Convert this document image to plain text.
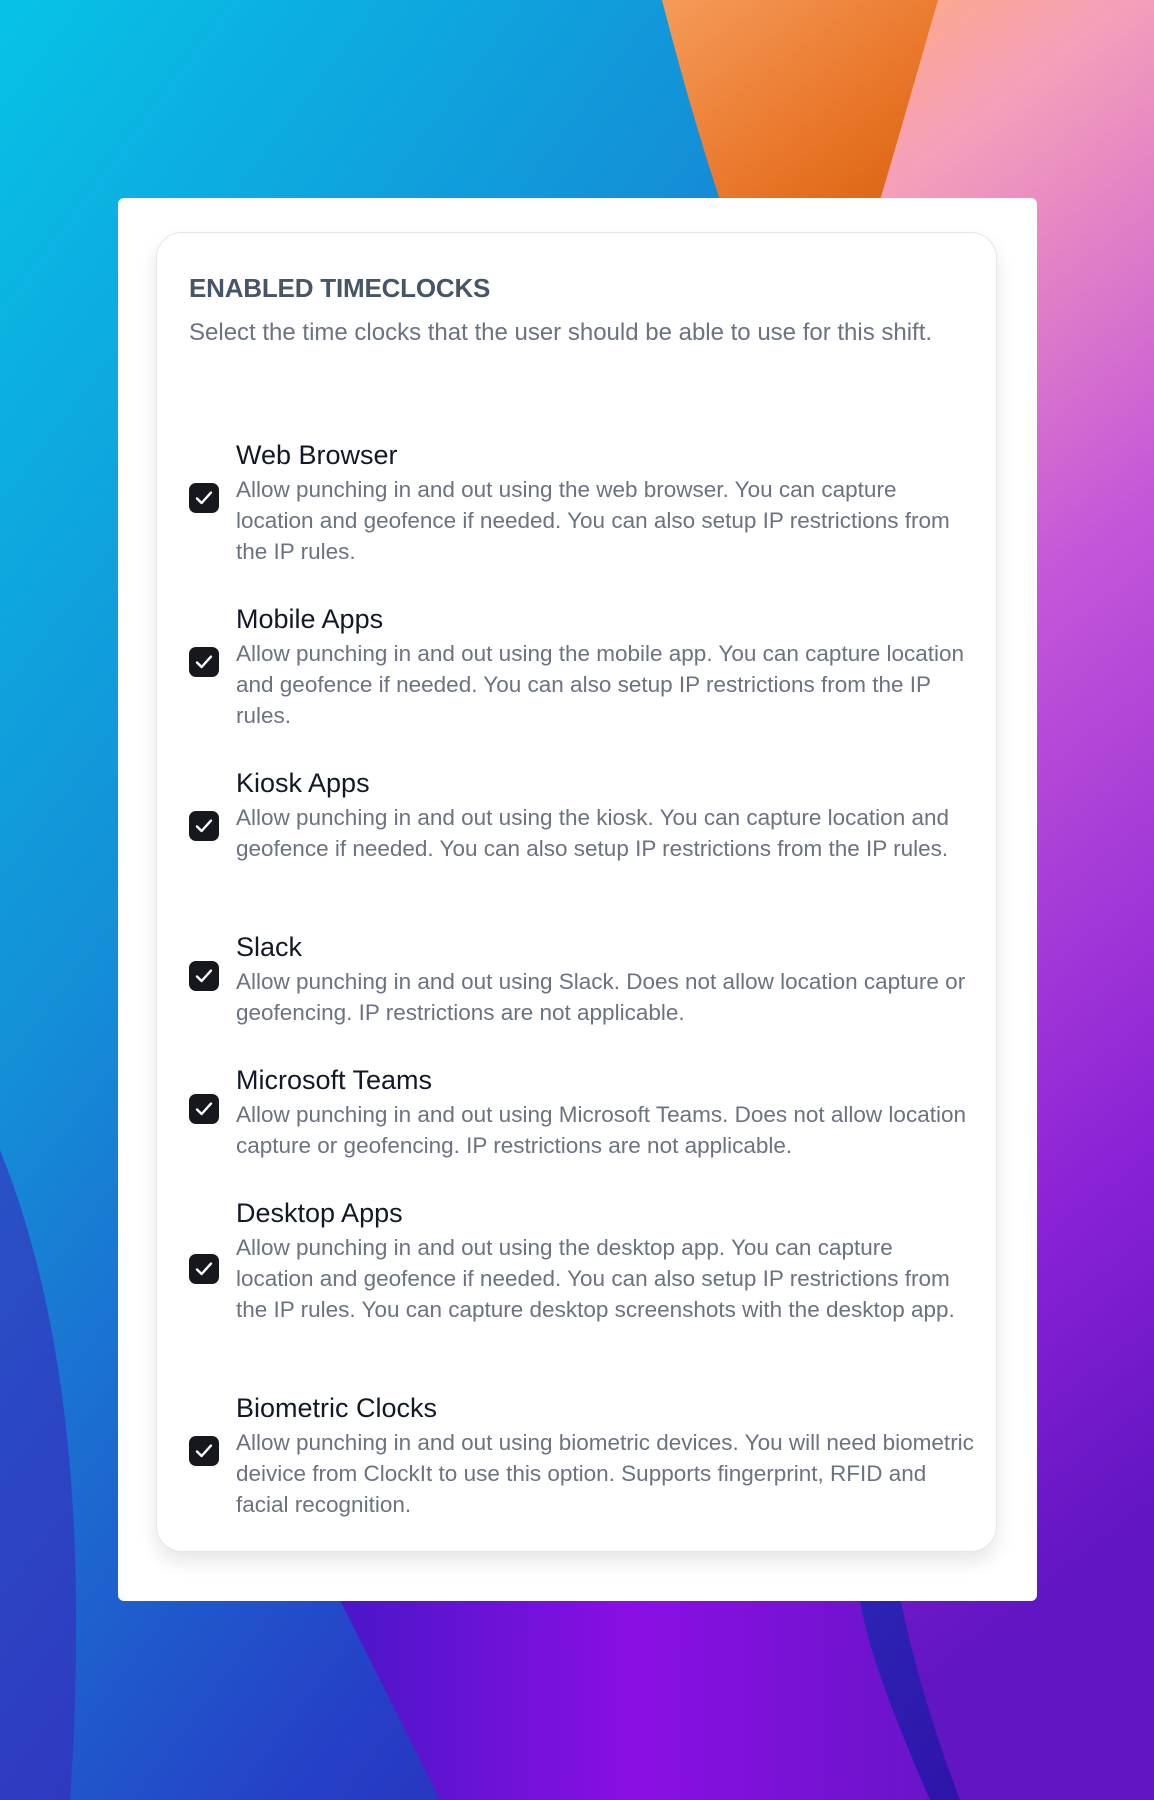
ENABLED TIMECLOCKS

Select the time clocks that the user should be able to use for this shift.

Web Browser

Allow punching in and out using the web browser. You can capture location and geofence if needed. You can also setup IP restrictions from the IP rules.

Mobile Apps

Allow punching in and out using the mobile app. You can capture location and geofence if needed. You can also setup IP restrictions from the IP rules.

Kiosk Apps

Allow punching in and out using the kiosk. You can capture location and geofence if needed. You can also setup IP restrictions from the IP rules.

Slack

Allow punching in and out using Slack. Does not allow location capture or geofencing. IP restrictions are not applicable.

Microsoft Teams

Allow punching in and out using Microsoft Teams. Does not allow location capture or geofencing. IP restrictions are not applicable.

Desktop Apps

Allow punching in and out using the desktop app. You can capture location and geofence if needed. You can also setup IP restrictions from the IP rules. You can capture desktop screenshots with the desktop app.

Biometric Clocks

Allow punching in and out using biometric devices. You will need biometric deivice from ClockIt to use this option. Supports fingerprint, RFID and facial recognition.
